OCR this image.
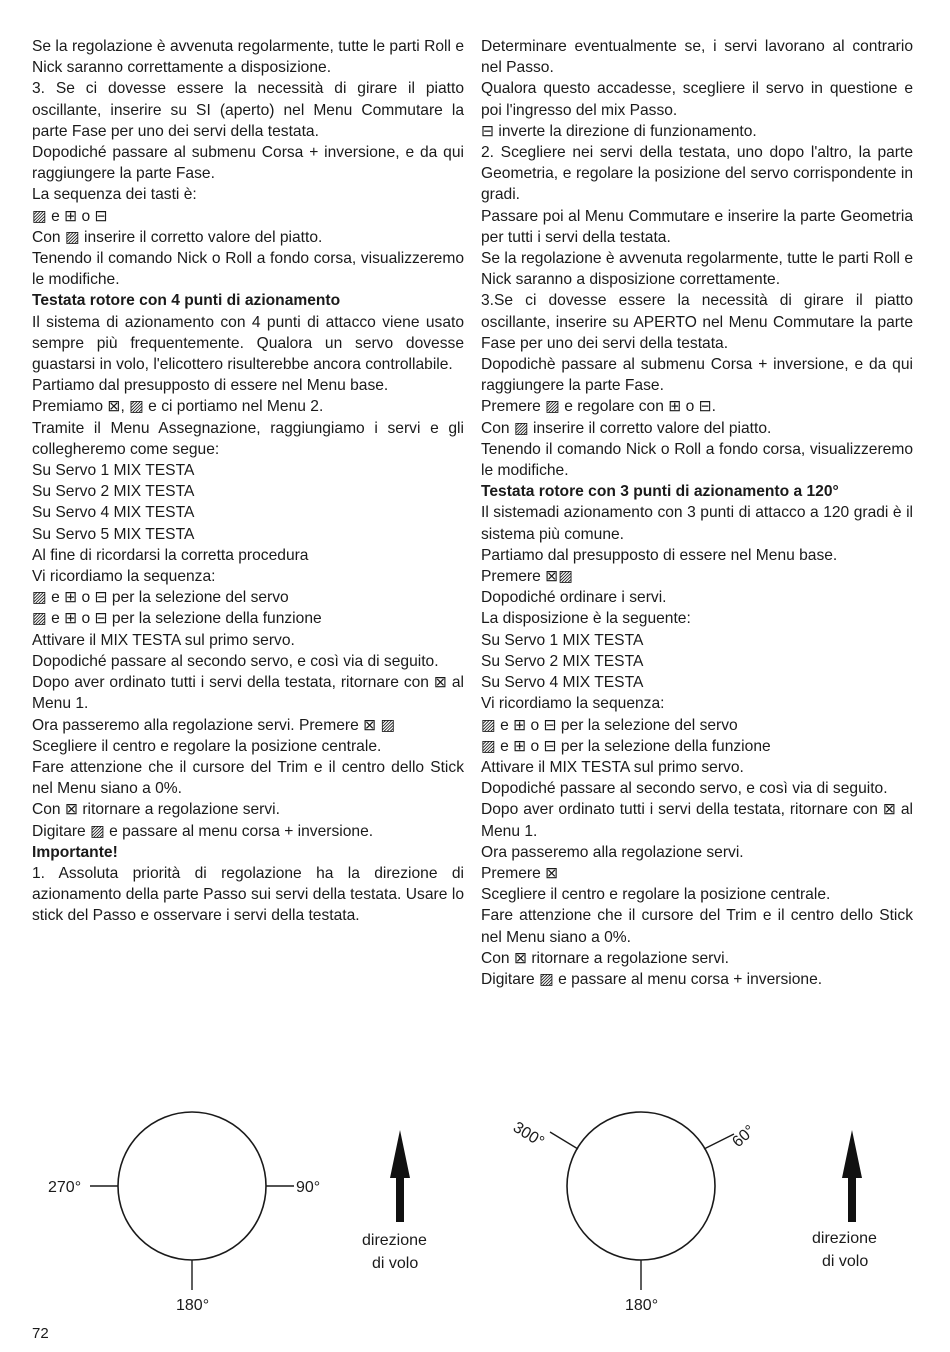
Se la regolazione è avvenuta regolarmente, tutte le parti Roll e Nick saranno correttamente a disposizione.

3. Se ci dovesse essere la necessità di girare il piatto oscillante, inserire su SI (aperto) nel Menu Commutare la parte Fase per uno dei servi della testata.

Dopodiché passare al submenu Corsa + inversione, e da qui raggiungere la parte Fase.

La sequenza dei tasti è:

▨ e ⊞ o ⊟

Con ▨ inserire il corretto valore del piatto.

Tenendo il comando Nick o Roll a fondo corsa, visualizzeremo le modifiche.

Testata rotore con 4 punti di azionamento

Il sistema di azionamento con 4 punti di attacco viene usato sempre più frequentemente. Qualora un servo dovesse guastarsi in volo, l'elicottero risulterebbe ancora controllabile.

Partiamo dal presupposto di essere nel Menu base.

Premiamo ⊠, ▨ e ci portiamo nel Menu 2.

Tramite il Menu Assegnazione, raggiungiamo i servi e gli collegheremo come segue:

Su Servo 1 MIX TESTA

Su Servo 2 MIX TESTA

Su Servo 4 MIX TESTA

Su Servo 5 MIX TESTA

Al fine di ricordarsi la corretta procedura

Vi ricordiamo la sequenza:

▨ e ⊞ o ⊟ per la selezione del servo

▨ e ⊞ o ⊟ per la selezione della funzione

Attivare il MIX TESTA sul primo servo.

Dopodiché passare al secondo servo, e così via di seguito.

Dopo aver ordinato tutti i servi della testata, ritornare con ⊠ al Menu 1.

Ora passeremo alla regolazione servi. Premere ⊠ ▨

Scegliere il centro e regolare la posizione centrale.

Fare attenzione che il cursore del Trim e il centro dello Stick nel Menu siano a 0%.

Con ⊠ ritornare a regolazione servi.

Digitare ▨ e passare al menu corsa + inversione.

Importante!

1. Assoluta priorità di regolazione ha la direzione di azionamento della parte Passo sui servi della testata. Usare lo stick del Passo e osservare i servi della testata.

Determinare eventualmente se, i servi lavorano al contrario nel Passo.

Qualora questo accadesse, scegliere il servo in questione e poi l'ingresso del mix Passo.

⊟ inverte la direzione di funzionamento.

2. Scegliere nei servi della testata, uno dopo l'altro, la parte Geometria, e regolare la posizione del servo corrispondente in gradi.

Passare poi al Menu Commutare e inserire la parte Geometria per tutti i servi della testata.

Se la regolazione è avvenuta regolarmente, tutte le parti Roll e Nick saranno a disposizione correttamente.

3.Se ci dovesse essere la necessità di girare il piatto oscillante, inserire su APERTO nel Menu Commutare la parte Fase per uno dei servi della testata.

Dopodichè passare al submenu Corsa + inversione, e da qui raggiungere la parte Fase.

Premere ▨ e regolare con ⊞ o ⊟.

Con ▨ inserire il corretto valore del piatto.

Tenendo il comando Nick o Roll a fondo corsa, visualizzeremo le modifiche.

Testata rotore con 3 punti di azionamento a 120°

Il sistemadi azionamento con 3 punti di attacco a 120 gradi è il sistema più comune.

Partiamo dal presupposto di essere nel Menu base.

Premere ⊠▨

Dopodiché ordinare i servi.

La disposizione è la seguente:

Su Servo 1 MIX TESTA

Su Servo 2 MIX TESTA

Su Servo 4 MIX TESTA

Vi ricordiamo la sequenza:

▨ e ⊞ o ⊟ per la selezione del servo

▨ e ⊞ o ⊟ per la selezione della funzione

Attivare il MIX TESTA sul primo servo.

Dopodiché passare al secondo servo, e così via di seguito.

Dopo aver ordinato tutti i servi della testata, ritornare con ⊠ al Menu 1.

Ora passeremo alla regolazione servi.

Premere ⊠

Scegliere il centro e regolare la posizione centrale.

Fare attenzione che il cursore del Trim e il centro dello Stick nel Menu siano a 0%.

Con ⊠ ritornare a regolazione servi.

Digitare ▨ e passare al menu corsa + inversione.

270°	90°
180°
direzione
di volo
300°	60°
180°
direzione
di volo
72
